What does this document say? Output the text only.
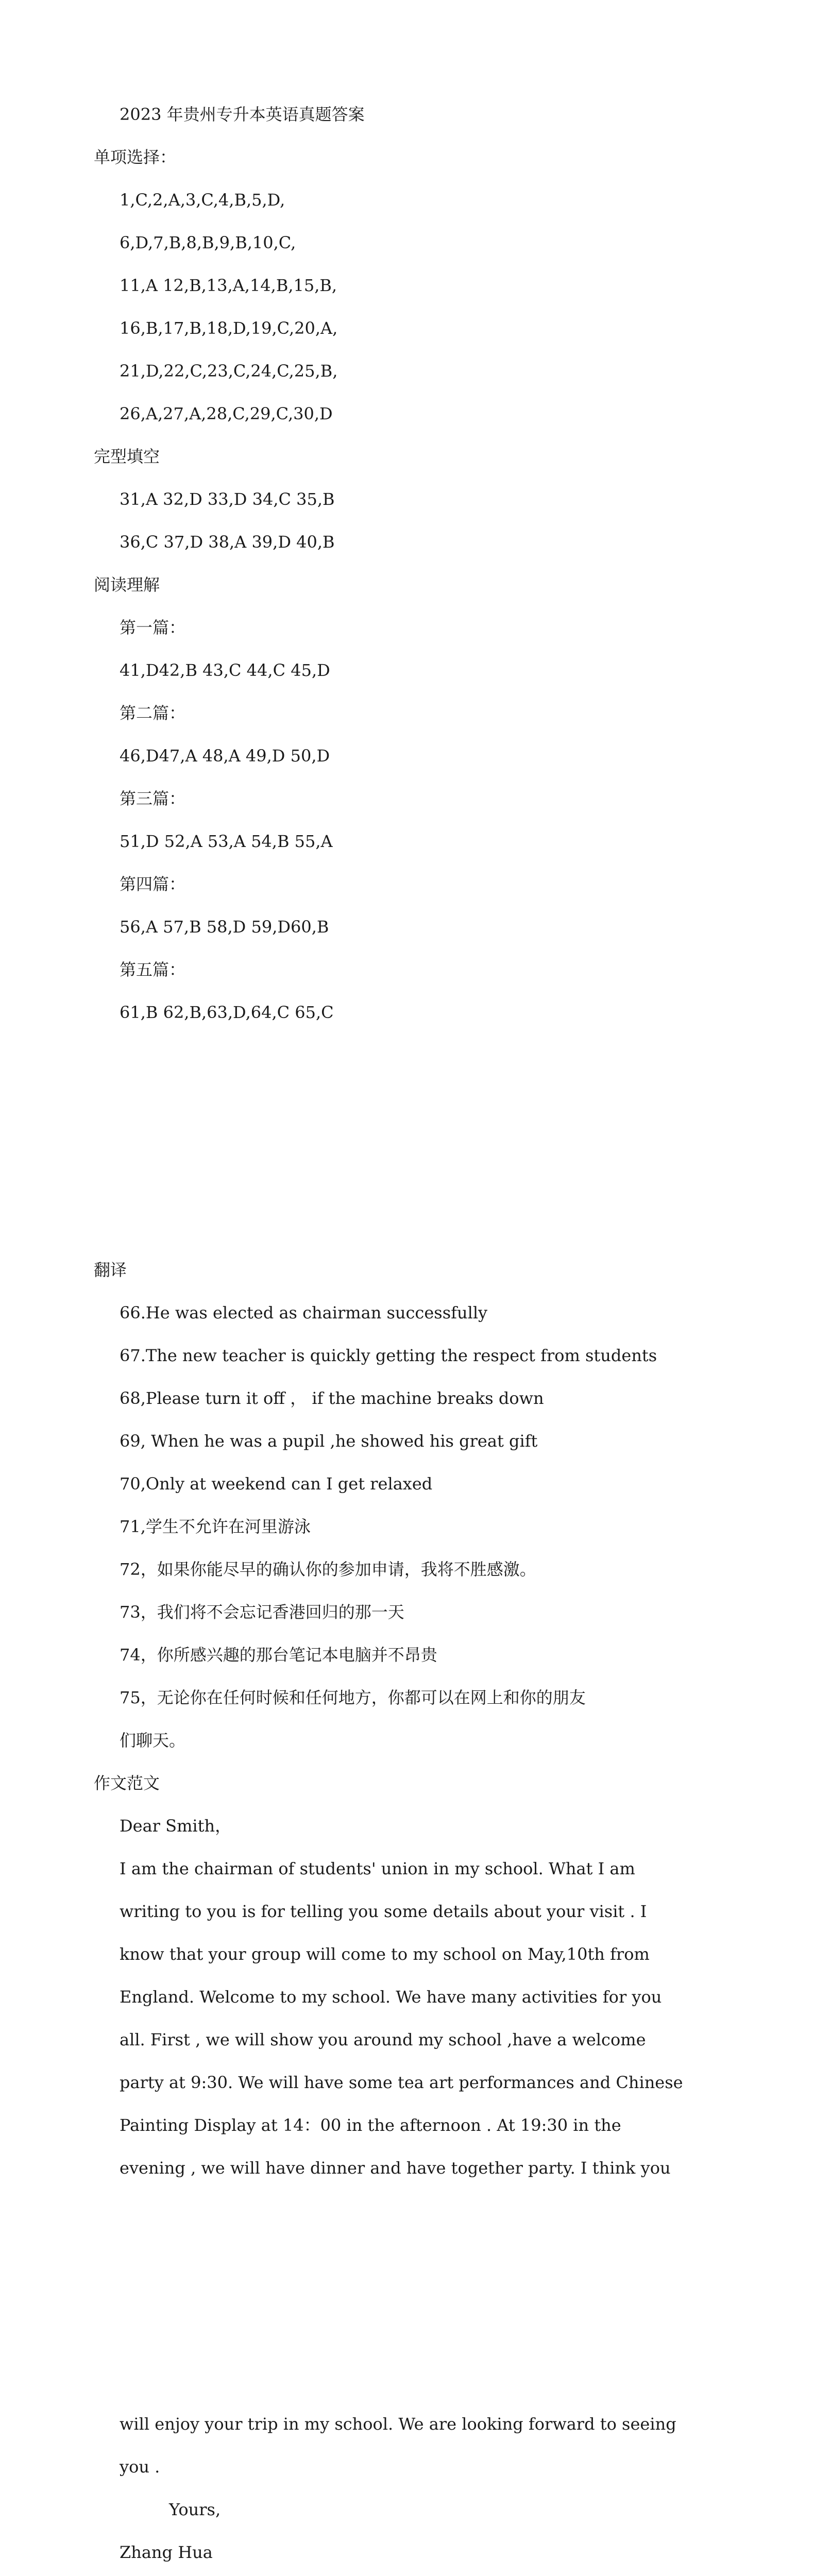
2023 年贵州专升本英语真题答案
单项选择：
1,C,2,A,3,C,4,B,5,D,
6,D,7,B,8,B,9,B,10,C,
11,A 12,B,13,A,14,B,15,B,
16,B,17,B,18,D,19,C,20,A,
21,D,22,C,23,C,24,C,25,B,
26,A,27,A,28,C,29,C,30,D
完型填空
31,A 32,D 33,D 34,C 35,B
36,C 37,D 38,A 39,D 40,B
阅读理解
第一篇：
41,D42,B 43,C 44,C 45,D
第二篇：
46,D47,A 48,A 49,D 50,D
第三篇：
51,D 52,A 53,A 54,B 55,A
第四篇：
56,A 57,B 58,D 59,D60,B
第五篇：
61,B 62,B,63,D,64,C 65,C
翻译
66.He was elected as chairman successfully
67.The new teacher is quickly getting the respect from students
68,Please turn it off ， if the machine breaks down
69, When he was a pupil ,he showed his great gift
70,Only at weekend can I get relaxed
71,学生不允许在河里游泳
72，如果你能尽早的确认你的参加申请，我将不胜感激。
73，我们将不会忘记香港回归的那一天
74，你所感兴趣的那台笔记本电脑并不昂贵
75，无论你在任何时候和任何地方，你都可以在网上和你的朋友
们聊天。
作文范文
Dear Smith，
I am the chairman of students' union in my school. What I am
writing to you is for telling you some details about your visit . I
know that your group will come to my school on May,10th from
England. Welcome to my school. We have many activities for you
all. First , we will show you around my school ,have a welcome
party at 9:30. We will have some tea art performances and Chinese
Painting Display at 14：00 in the afternoon . At 19:30 in the
evening , we will have dinner and have together party. I think you
will enjoy your trip in my school. We are looking forward to seeing
you .
Yours,
Zhang Hua
